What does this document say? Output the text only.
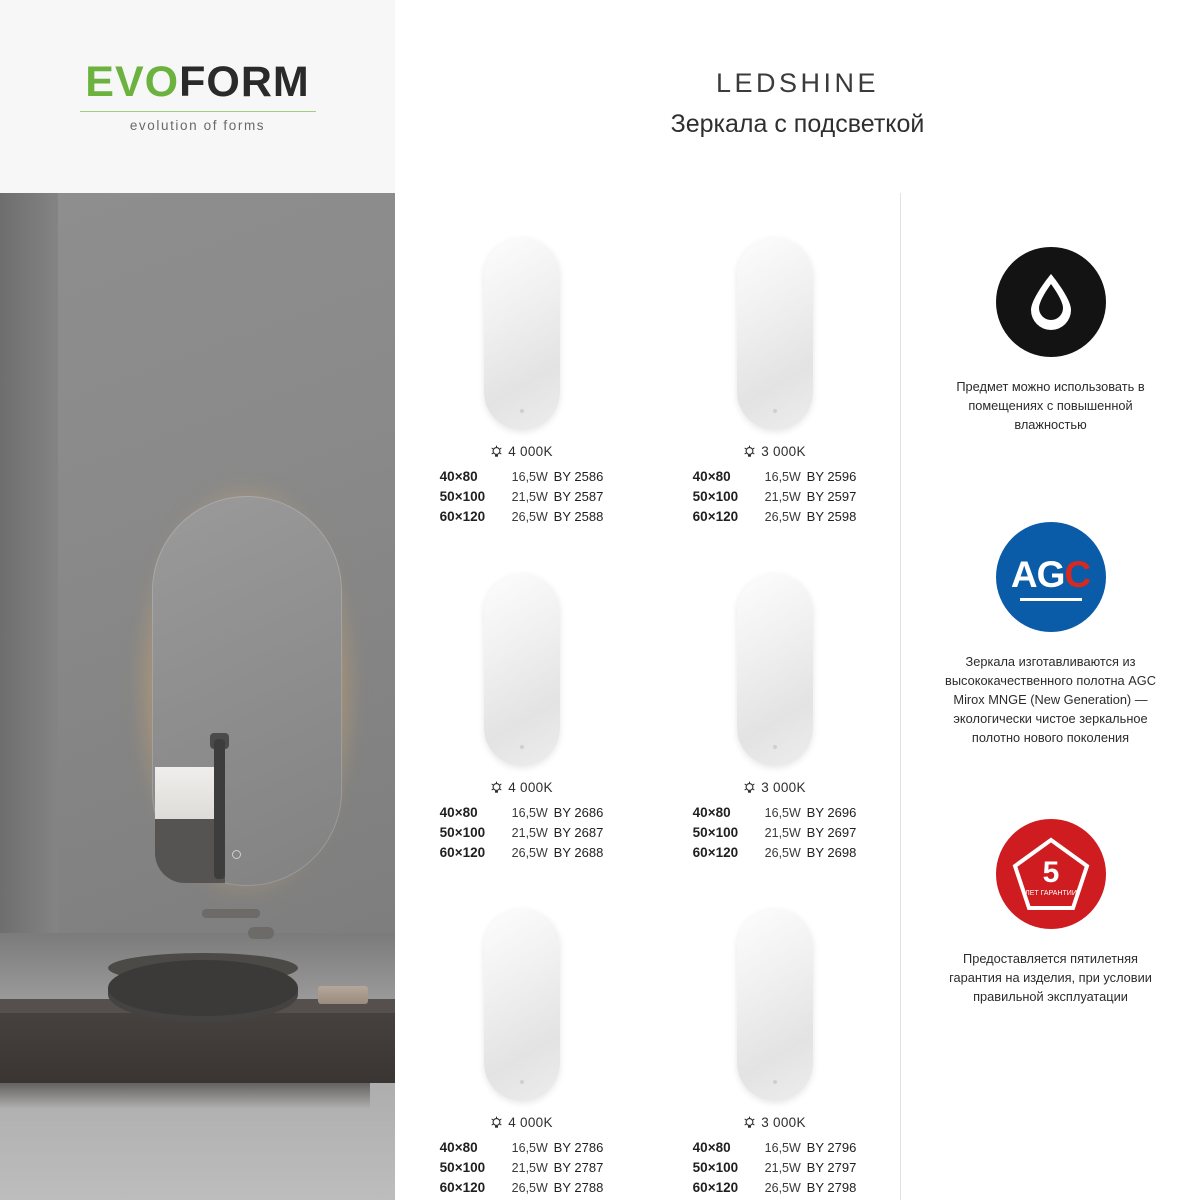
EVOFORM
evolution of forms
LEDSHINE
Зеркала с подсветкой
4 000K
40×80	16,5W BY 2586
50×100	21,5W BY 2587
60×120	26,5W BY 2588
3 000K
40×80	16,5W BY 2596
50×100	21,5W BY 2597
60×120	26,5W BY 2598
4 000K
40×80	16,5W BY 2686
50×100	21,5W BY 2687
60×120	26,5W BY 2688
3 000K
40×80	16,5W BY 2696
50×100	21,5W BY 2697
60×120	26,5W BY 2698
4 000K
40×80	16,5W BY 2786
50×100	21,5W BY 2787
60×120	26,5W BY 2788
3 000K
40×80	16,5W BY 2796
50×100	21,5W BY 2797
60×120	26,5W BY 2798
Предмет можно использовать в помещениях с повышенной влажностью
AGC
Зеркала изготавливаются из высококачественного полотна AGC Mirox MNGE (New Generation) — экологически чистое зеркальное полотно нового поколения
5
ЛЕТ ГАРАНТИИ
Предоставляется пятилетняя гарантия на изделия, при условии правильной эксплуатации
